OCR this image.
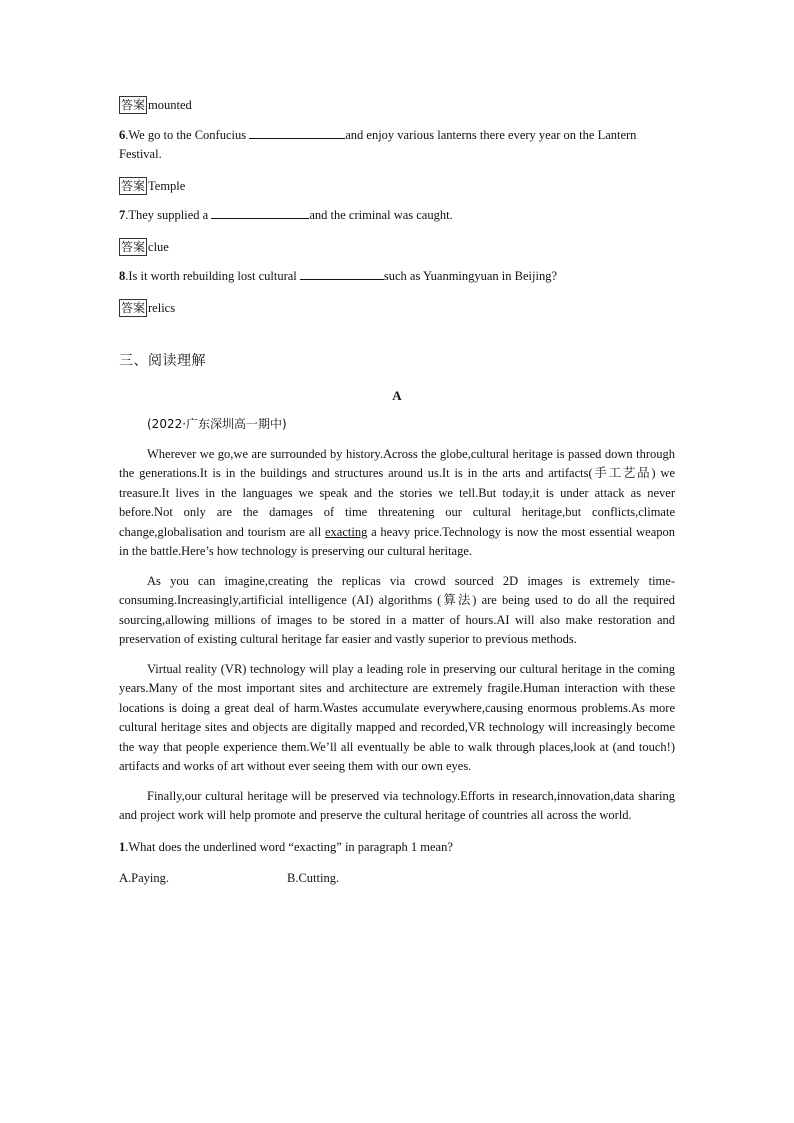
答案 mounted
6.We go to the Confucius	and enjoy various lanterns there every year on the Lantern Festival.
答案 Temple
7.They supplied a	and the criminal was caught.
答案 clue
8.Is it worth rebuilding lost cultural	such as Yuanmingyuan in Beijing?
答案 relics
三、阅读理解
A
(2022·广东深圳高一期中)

Wherever we go,we are surrounded by history.Across the globe,cultural heritage is passed down through the generations.It is in the buildings and structures around us.It is in the arts and artifacts(手工艺品) we treasure.It lives in the languages we speak and the stories we tell.But today,it is under attack as never before.Not only are the damages of time threatening our cultural heritage,but conflicts,climate change,globalisation and tourism are all exacting a heavy price.Technology is now the most essential weapon in the battle.Here’s how technology is preserving our cultural heritage.

As you can imagine,creating the replicas via crowd sourced 2D images is extremely time-consuming.Increasingly,artificial intelligence (AI) algorithms (算法) are being used to do all the required sourcing,allowing millions of images to be stored in a matter of hours.AI will also make restoration and preservation of existing cultural heritage far easier and vastly superior to previous methods.

Virtual reality (VR) technology will play a leading role in preserving our cultural heritage in the coming years.Many of the most important sites and architecture are extremely fragile.Human interaction with these locations is doing a great deal of harm.Wastes accumulate everywhere,causing enormous problems.As more cultural heritage sites and objects are digitally mapped and recorded,VR technology will increasingly become the way that people experience them.We’ll all eventually be able to walk through places,look at (and touch!) artifacts and works of art without ever seeing them with our own eyes.

Finally,our cultural heritage will be preserved via technology.Efforts in research,innovation,data sharing and project work will help promote and preserve the cultural heritage of countries all across the world.

1.What does the underlined word “exacting” in paragraph 1 mean?
A.Paying.	B.Cutting.
